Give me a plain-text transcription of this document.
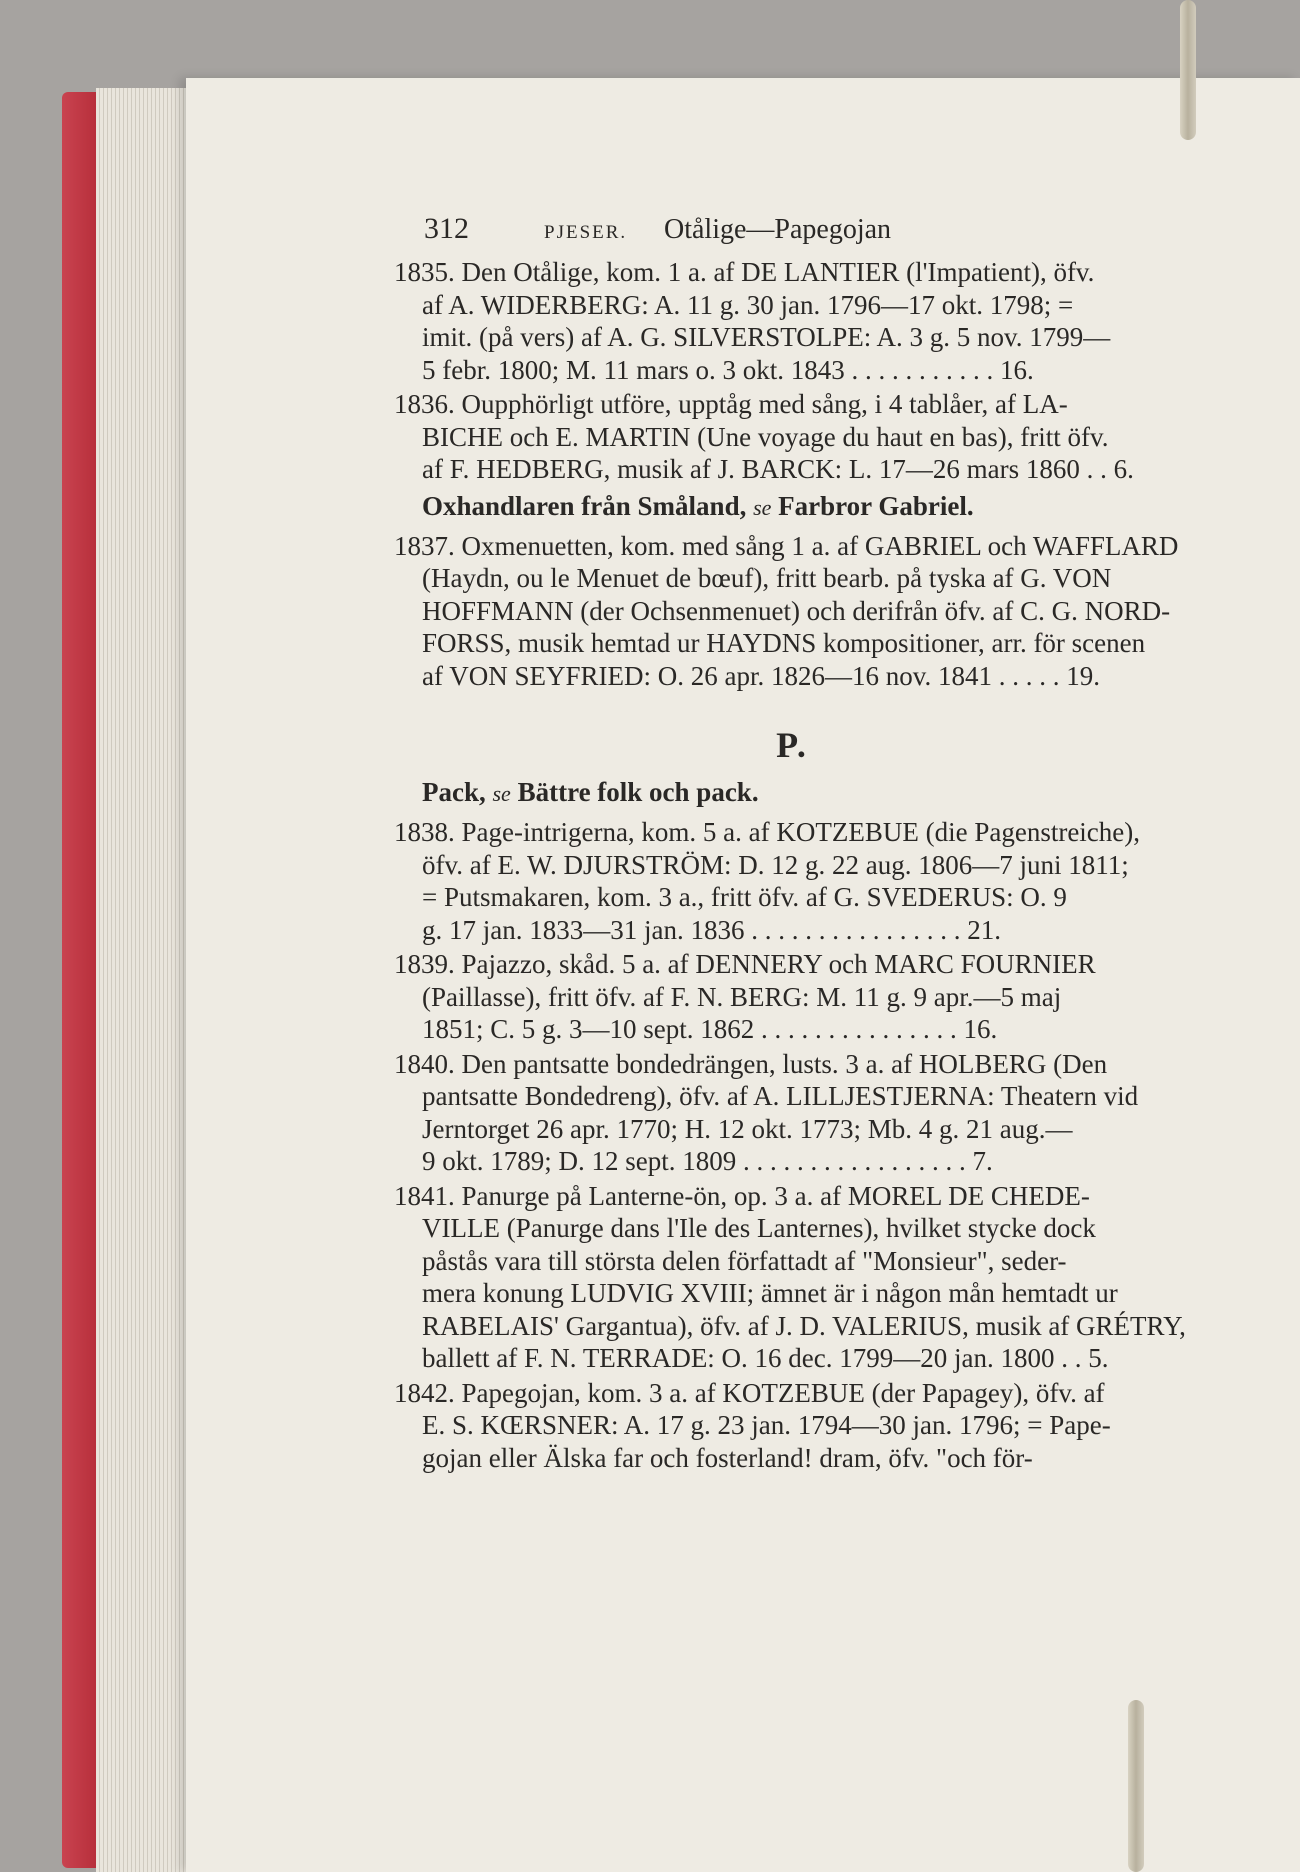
312	PJESER.	Otålige—Papegojan
1835. Den Otålige, kom. 1 a. af DE LANTIER (l'Impatient), öfv.
af A. WIDERBERG: A. 11 g. 30 jan. 1796—17 okt. 1798; =
imit. (på vers) af A. G. SILVERSTOLPE: A. 3 g. 5 nov. 1799—
5 febr. 1800; M. 11 mars o. 3 okt. 1843 . . . . . . . . . . . 16.
1836. Oupphörligt utföre, upptåg med sång, i 4 tablåer, af LA-
BICHE och E. MARTIN (Une voyage du haut en bas), fritt öfv.
af F. HEDBERG, musik af J. BARCK: L. 17—26 mars 1860 . . 6.
Oxhandlaren från Småland, se Farbror Gabriel.
1837. Oxmenuetten, kom. med sång 1 a. af GABRIEL och WAFFLARD
(Haydn, ou le Menuet de bœuf), fritt bearb. på tyska af G. VON
HOFFMANN (der Ochsenmenuet) och derifrån öfv. af C. G. NORD-
FORSS, musik hemtad ur HAYDNS kompositioner, arr. för scenen
af VON SEYFRIED: O. 26 apr. 1826—16 nov. 1841 . . . . . 19.
P.
Pack, se Bättre folk och pack.
1838. Page-intrigerna, kom. 5 a. af KOTZEBUE (die Pagenstreiche),
öfv. af E. W. DJURSTRÖM: D. 12 g. 22 aug. 1806—7 juni 1811;
= Putsmakaren, kom. 3 a., fritt öfv. af G. SVEDERUS: O. 9
g. 17 jan. 1833—31 jan. 1836 . . . . . . . . . . . . . . . . 21.
1839. Pajazzo, skåd. 5 a. af DENNERY och MARC FOURNIER
(Paillasse), fritt öfv. af F. N. BERG: M. 11 g. 9 apr.—5 maj
1851; C. 5 g. 3—10 sept. 1862 . . . . . . . . . . . . . . . 16.
1840. Den pantsatte bondedrängen, lusts. 3 a. af HOLBERG (Den
pantsatte Bondedreng), öfv. af A. LILLJESTJERNA: Theatern vid
Jerntorget 26 apr. 1770; H. 12 okt. 1773; Mb. 4 g. 21 aug.—
9 okt. 1789; D. 12 sept. 1809 . . . . . . . . . . . . . . . . . 7.
1841. Panurge på Lanterne-ön, op. 3 a. af MOREL DE CHEDE-
VILLE (Panurge dans l'Ile des Lanternes), hvilket stycke dock
påstås vara till största delen författadt af "Monsieur", seder-
mera konung LUDVIG XVIII; ämnet är i någon mån hemtadt ur
RABELAIS' Gargantua), öfv. af J. D. VALERIUS, musik af GRÉTRY,
ballett af F. N. TERRADE: O. 16 dec. 1799—20 jan. 1800 . . 5.
1842. Papegojan, kom. 3 a. af KOTZEBUE (der Papagey), öfv. af
E. S. KŒRSNER: A. 17 g. 23 jan. 1794—30 jan. 1796; = Pape-
gojan eller Älska far och fosterland! dram, öfv. "och för-
